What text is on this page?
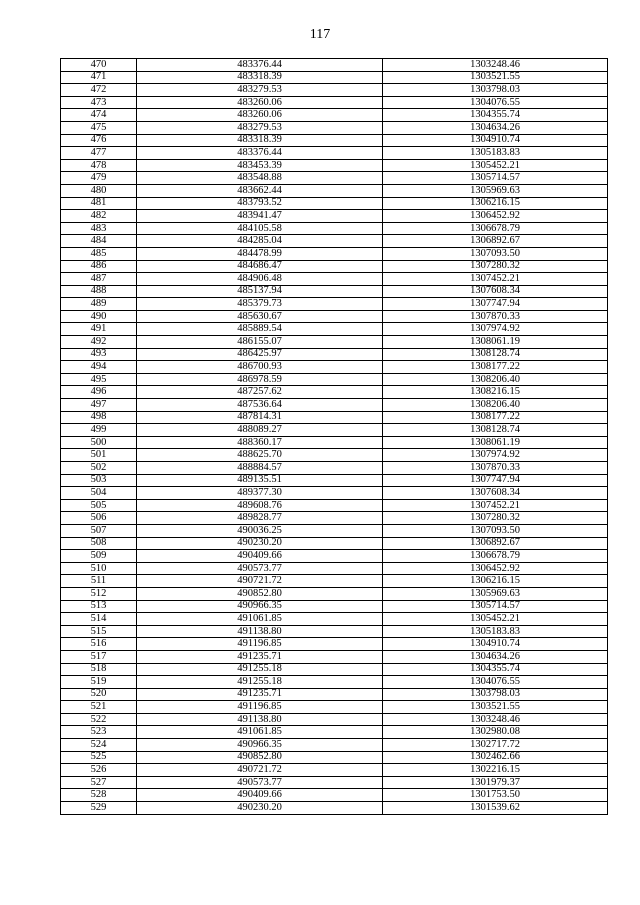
117
470	483376.44	1303248.46
471	483318.39	1303521.55
472	483279.53	1303798.03
473	483260.06	1304076.55
474	483260.06	1304355.74
475	483279.53	1304634.26
476	483318.39	1304910.74
477	483376.44	1305183.83
478	483453.39	1305452.21
479	483548.88	1305714.57
480	483662.44	1305969.63
481	483793.52	1306216.15
482	483941.47	1306452.92
483	484105.58	1306678.79
484	484285.04	1306892.67
485	484478.99	1307093.50
486	484686.47	1307280.32
487	484906.48	1307452.21
488	485137.94	1307608.34
489	485379.73	1307747.94
490	485630.67	1307870.33
491	485889.54	1307974.92
492	486155.07	1308061.19
493	486425.97	1308128.74
494	486700.93	1308177.22
495	486978.59	1308206.40
496	487257.62	1308216.15
497	487536.64	1308206.40
498	487814.31	1308177.22
499	488089.27	1308128.74
500	488360.17	1308061.19
501	488625.70	1307974.92
502	488884.57	1307870.33
503	489135.51	1307747.94
504	489377.30	1307608.34
505	489608.76	1307452.21
506	489828.77	1307280.32
507	490036.25	1307093.50
508	490230.20	1306892.67
509	490409.66	1306678.79
510	490573.77	1306452.92
511	490721.72	1306216.15
512	490852.80	1305969.63
513	490966.35	1305714.57
514	491061.85	1305452.21
515	491138.80	1305183.83
516	491196.85	1304910.74
517	491235.71	1304634.26
518	491255.18	1304355.74
519	491255.18	1304076.55
520	491235.71	1303798.03
521	491196.85	1303521.55
522	491138.80	1303248.46
523	491061.85	1302980.08
524	490966.35	1302717.72
525	490852.80	1302462.66
526	490721.72	1302216.15
527	490573.77	1301979.37
528	490409.66	1301753.50
529	490230.20	1301539.62
